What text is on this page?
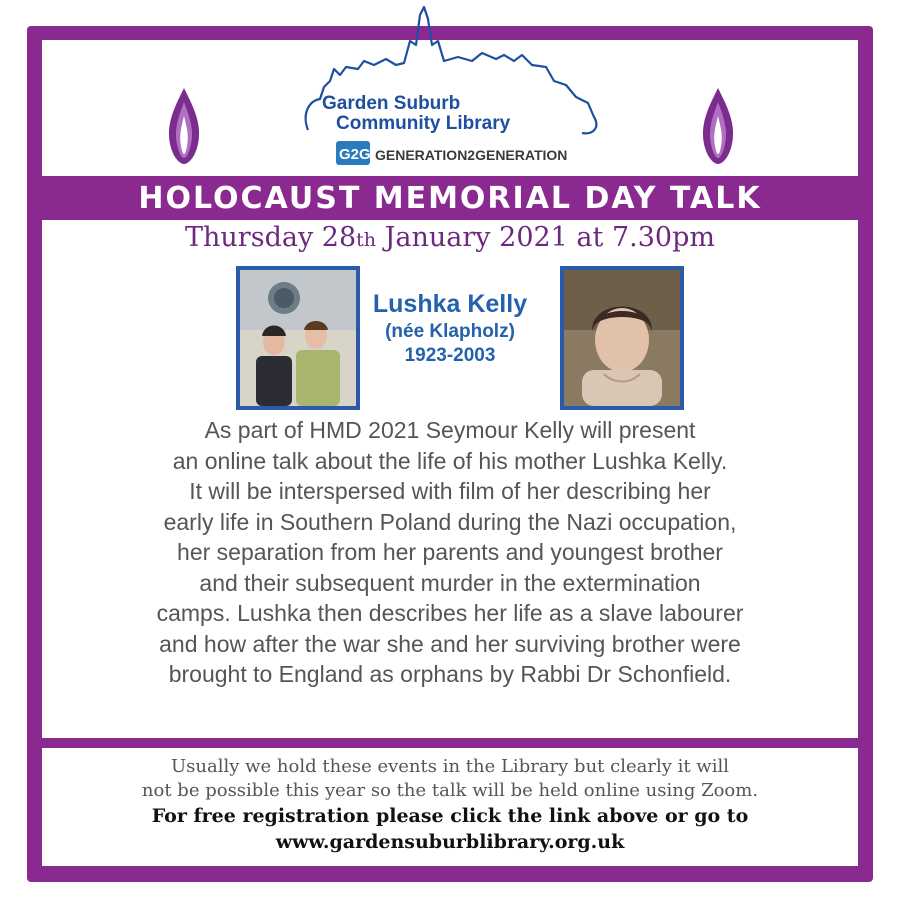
Usually we hold these events in the Library but clearly it will
not be possible this year so the talk will be held online using Zoom.
For free registration please click the link above or go to
www.gardensuburblibrary.org.uk
Garden Suburb
Community Library
G2G GENERATION2GENERATION
HOLOCAUST MEMORIAL DAY TALK
Thursday 28th January 2021 at 7.30pm
Lushka Kelly
(née Klapholz)
1923-2003
As part of HMD 2021 Seymour Kelly will present
an online talk about the life of his mother Lushka Kelly.
It will be interspersed with film of her describing her
early life in Southern Poland during the Nazi occupation,
her separation from her parents and youngest brother
and their subsequent murder in the extermination
camps. Lushka then describes her life as a slave labourer
and how after the war she and her surviving brother were
brought to England as orphans by Rabbi Dr Schonfield.
